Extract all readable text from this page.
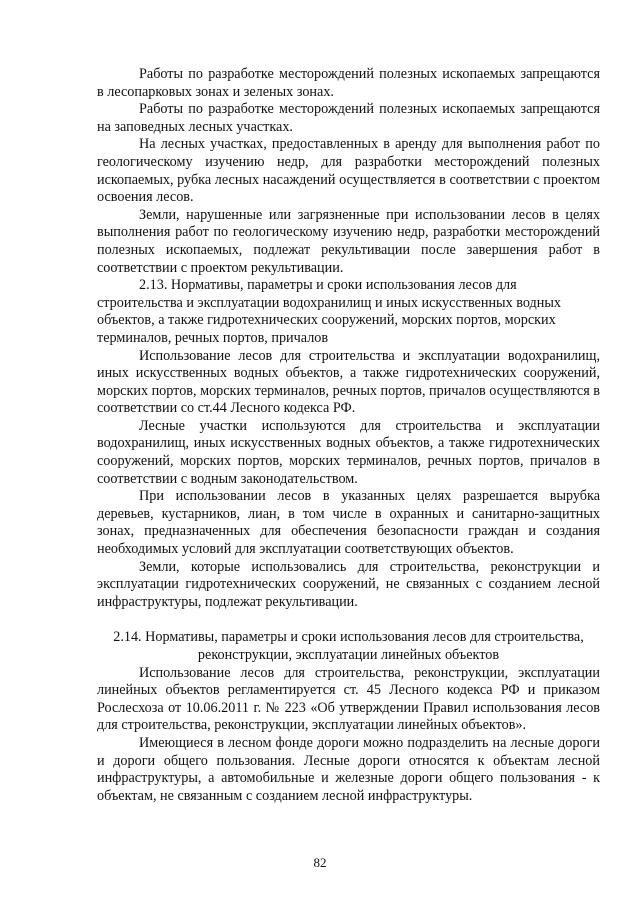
Работы по разработке месторождений полезных ископаемых запрещаются в лесопарковых зонах и зеленых зонах.

Работы по разработке месторождений полезных ископаемых запрещаются на заповедных лесных участках.

На лесных участках, предоставленных в аренду для выполнения работ по геологическому изучению недр, для разработки месторождений полезных ископаемых, рубка лесных насаждений осуществляется в соответствии с проектом освоения лесов.

Земли, нарушенные или загрязненные при использовании лесов в целях выполнения работ по геологическому изучению недр, разработки месторождений полезных ископаемых, подлежат рекультивации после завершения работ в соответствии с проектом рекультивации.

2.13. Нормативы, параметры и сроки использования лесов для строительства и эксплуатации водохранилищ и иных искусственных водных объектов, а также гидротехнических сооружений, морских портов, морских терминалов, речных портов, причалов

Использование лесов для строительства и эксплуатации водохранилищ, иных искусственных водных объектов, а также гидротехнических сооружений, морских портов, морских терминалов, речных портов, причалов осуществляются в соответствии со ст.44 Лесного кодекса РФ.

Лесные участки используются для строительства и эксплуатации водохранилищ, иных искусственных водных объектов, а также гидротехнических сооружений, морских портов, морских терминалов, речных портов, причалов в соответствии с водным законодательством.

При использовании лесов в указанных целях разрешается вырубка деревьев, кустарников, лиан, в том числе в охранных и санитарно-защитных зонах, предназначенных для обеспечения безопасности граждан и создания необходимых условий для эксплуатации соответствующих объектов.

Земли, которые использовались для строительства, реконструкции и эксплуатации гидротехнических сооружений, не связанных с созданием лесной инфраструктуры, подлежат рекультивации.

2.14. Нормативы, параметры и сроки использования лесов для строительства, реконструкции, эксплуатации линейных объектов

Использование лесов для строительства, реконструкции, эксплуатации линейных объектов регламентируется ст. 45 Лесного кодекса РФ и приказом Рослесхоза от 10.06.2011 г. № 223 «Об утверждении Правил использования лесов для строительства, реконструкции, эксплуатации линейных объектов».

Имеющиеся в лесном фонде дороги можно подразделить на лесные дороги и дороги общего пользования. Лесные дороги относятся к объектам лесной инфраструктуры, а автомобильные и железные дороги общего пользования - к объектам, не связанным с созданием лесной инфраструктуры.

82
